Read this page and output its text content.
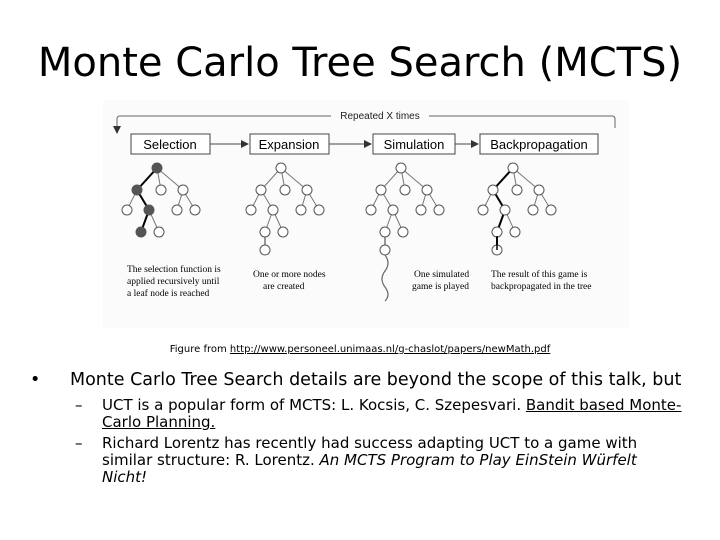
Monte Carlo Tree Search (MCTS)
Repeated X times
Selection	Expansion	Simulation	Backpropagation
The selection function is
applied recursively until
a leaf node is reached
One or more nodes
are created
One simulated
game is played
The result of this game is
backpropagated in the tree
Figure from http://www.personeel.unimaas.nl/g-chaslot/papers/newMath.pdf
• Monte Carlo Tree Search details are beyond the scope of this talk, but
– UCT is a popular form of MCTS: L. Kocsis, C. Szepesvari. Bandit based Monte-Carlo Planning.
– Richard Lorentz has recently had success adapting UCT to a game with similar structure: R. Lorentz. An MCTS Program to Play EinStein Würfelt Nicht!
